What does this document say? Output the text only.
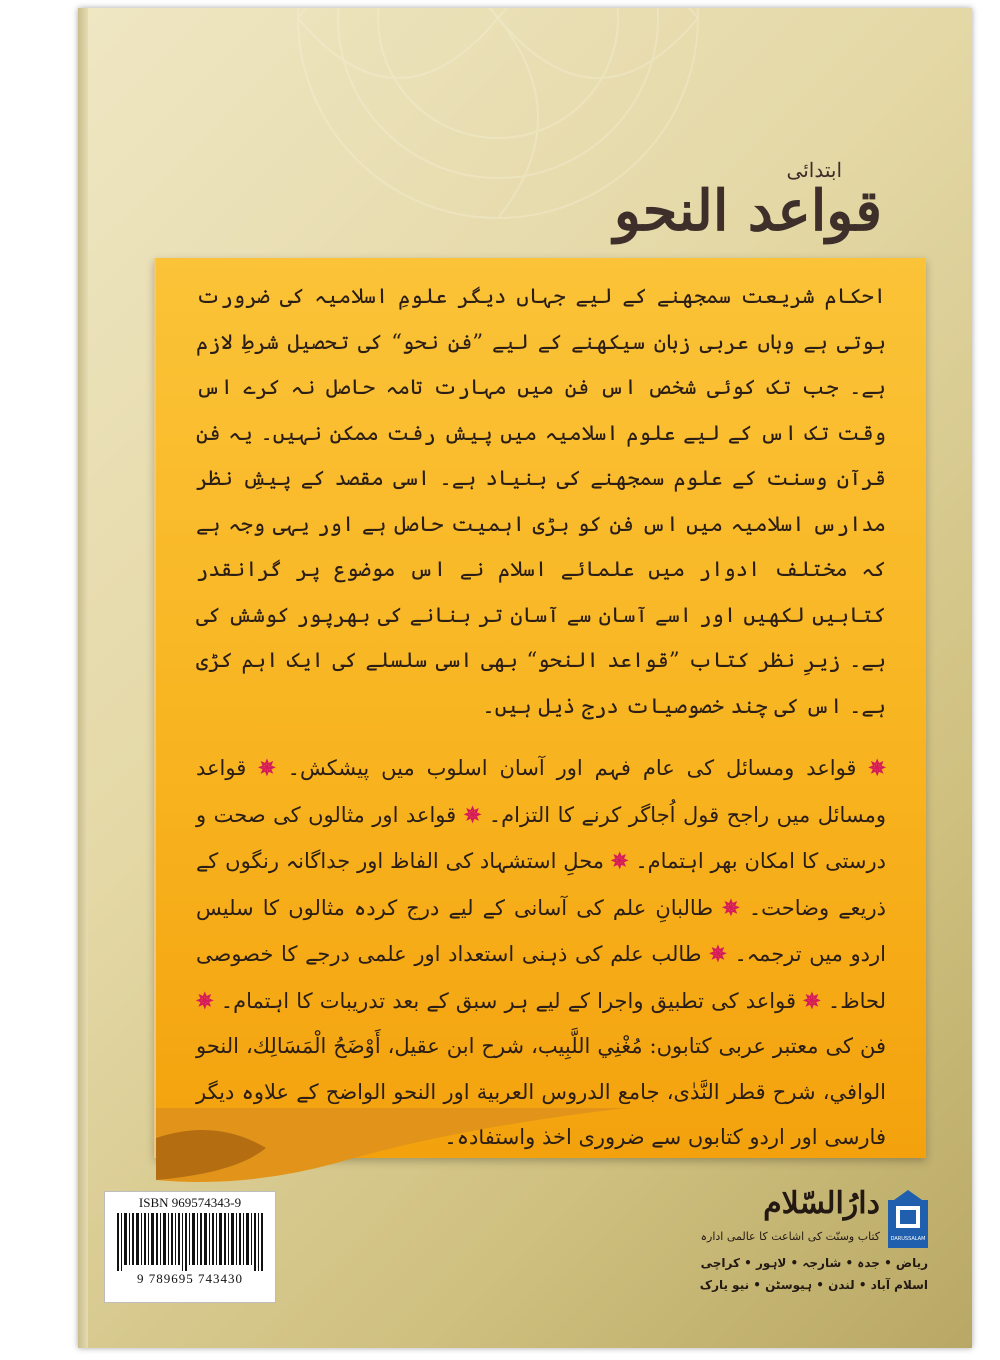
ابتدائی
قواعد النحو

احکام شریعت سمجھنے کے لیے جہاں دیگر علومِ اسلامیہ کی ضرورت ہوتی ہے وہاں عربی زبان سیکھنے کے لیے ”فنِ نحو“ کی تحصیل شرطِ لازم ہے۔ جب تک کوئی شخص اس فن میں مہارت تامہ حاصل نہ کرے اس وقت تک اس کے لیے علوم اسلامیہ میں پیش رفت ممکن نہیں۔ یہ فن قرآن وسنت کے علوم سمجھنے کی بنیاد ہے۔ اسی مقصد کے پیشِ نظر مدارس اسلامیہ میں اس فن کو بڑی اہمیت حاصل ہے اور یہی وجہ ہے کہ مختلف ادوار میں علمائے اسلام نے اس موضوع پر گرانقدر کتابیں لکھیں اور اسے آسان سے آسان تر بنانے کی بھرپور کوشش کی ہے۔ زیرِ نظر کتاب ”قواعد النحو“ بھی اسی سلسلے کی ایک اہم کڑی ہے۔ اس کی چند خصوصیات درج ذیل ہیں۔

✵ قواعد ومسائل کی عام فہم اور آسان اسلوب میں پیشکش۔ ✵ قواعد ومسائل میں راجح قول اُجاگر کرنے کا التزام۔ ✵ قواعد اور مثالوں کی صحت و درستی کا امکان بھر اہتمام۔ ✵ محلِ استشہاد کی الفاظ اور جداگانہ رنگوں کے ذریعے وضاحت۔ ✵ طالبانِ علم کی آسانی کے لیے درج کردہ مثالوں کا سلیس اردو میں ترجمہ۔ ✵ طالب علم کی ذہنی استعداد اور علمی درجے کا خصوصی لحاظ۔ ✵ قواعد کی تطبیق واجرا کے لیے ہر سبق کے بعد تدریبات کا اہتمام۔ ✵ فن کی معتبر عربی کتابوں: مُغْنِي اللَّبِيب، شرح ابن عقیل، أَوْضَحُ الْمَسَالِك، النحو الوافي، شرح قطر النَّدٰی، جامع الدروس العربية اور النحو الواضح کے علاوہ دیگر فارسی اور اردو کتابوں سے ضروری اخذ واستفادہ۔

ISBN 969574343-9
9 789695 743430
DARUSSALAM
دارُالسّلام
کتاب وسنّت کی اشاعت کا عالمی ادارہ
ریاض • جدہ • شارجہ • لاہور • کراچی
اسلام آباد • لندن • ہیوسٹن • نیو یارک
